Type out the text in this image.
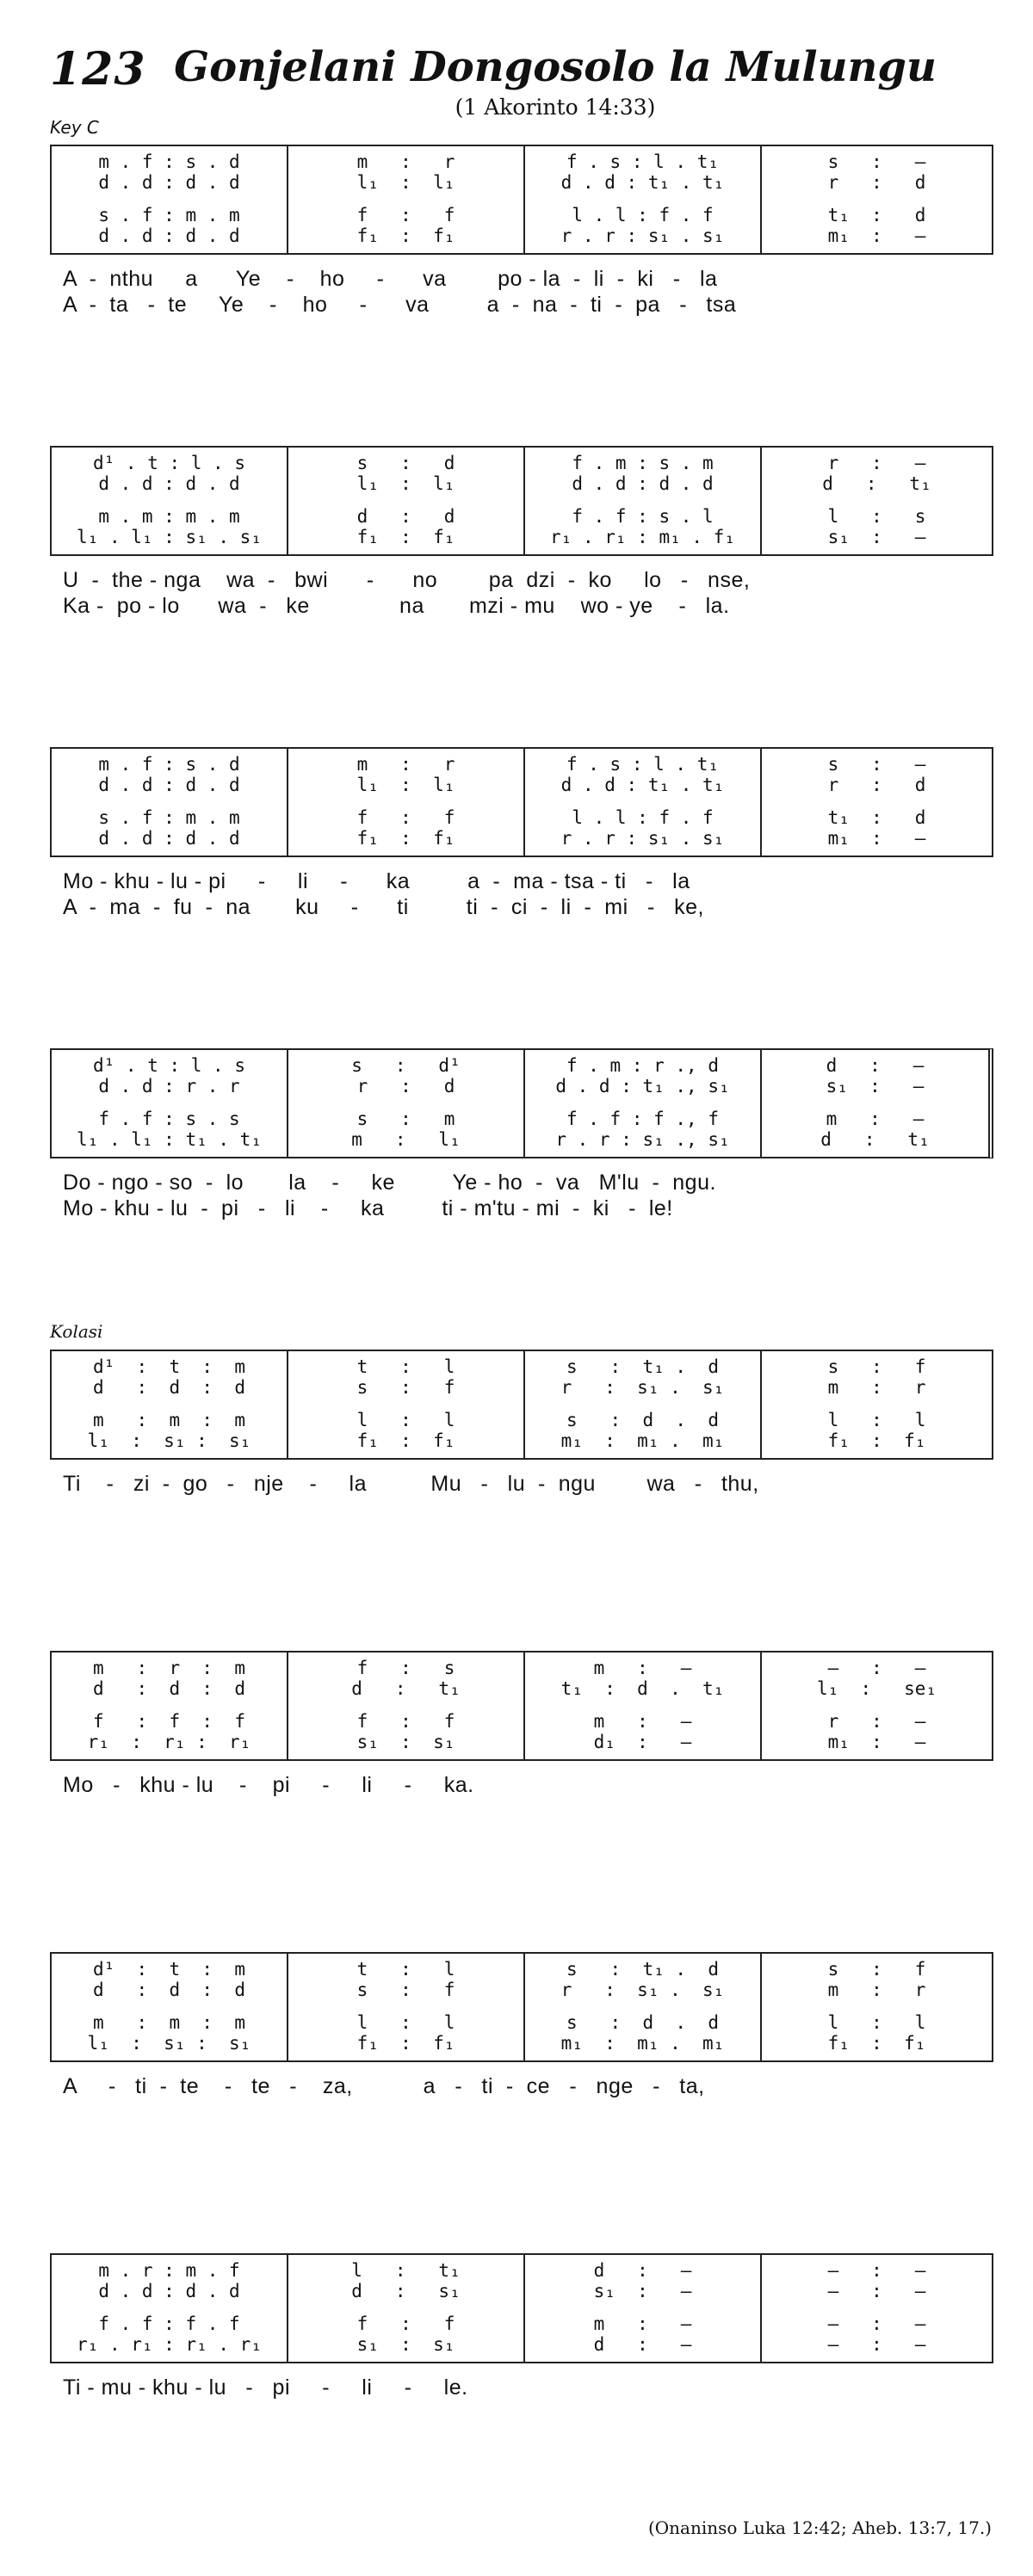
123 Gonjelani Dongosolo la Mulungu
(1 Akorinto 14:33)
Key C
Kolasi
m . f : s . d
d . d : d . d
s . f : m . m
d . d : d . d
m   :   r
l₁  :  l₁
f   :   f
f₁  :  f₁
f . s : l . t₁
d . d : t₁ . t₁
l . l : f . f
r . r : s₁ . s₁
s   :   —
r   :   d
t₁  :   d
m₁  :   —
A  -  nthu     a      Ye    -    ho     -      va        po - la  -  li  -  ki   -   la
A  -  ta   -  te     Ye    -    ho     -      va         a  -  na  -  ti  -  pa   -   tsa
d¹ . t : l . s
d . d : d . d
m . m : m . m
l₁ . l₁ : s₁ . s₁
s   :   d
l₁  :  l₁
d   :   d
f₁  :  f₁
f . m : s . m
d . d : d . d
f . f : s . l
r₁ . r₁ : m₁ . f₁
r   :   —
d   :   t₁
l   :   s
s₁  :   —
U  -  the - nga    wa  -   bwi      -      no        pa  dzi  -  ko     lo   -   nse,
Ka -  po - lo      wa  -   ke              na       mzi - mu    wo - ye    -   la.
m . f : s . d
d . d : d . d
s . f : m . m
d . d : d . d
m   :   r
l₁  :  l₁
f   :   f
f₁  :  f₁
f . s : l . t₁
d . d : t₁ . t₁
l . l : f . f
r . r : s₁ . s₁
s   :   —
r   :   d
t₁  :   d
m₁  :   —
Mo - khu - lu - pi     -     li     -      ka         a  -  ma - tsa - ti   -   la
A  -  ma  -  fu  -  na       ku     -      ti         ti  -  ci  -  li  -  mi   -   ke,
d¹ . t : l . s
d . d : r . r
f . f : s . s
l₁ . l₁ : t₁ . t₁
s   :   d¹
r   :   d
s   :   m
m   :   l₁
f . m : r ., d
d . d : t₁ ., s₁
f . f : f ., f
r . r : s₁ ., s₁
d   :   —
s₁  :   —
m   :   —
d   :   t₁
Do - ngo - so  -  lo       la    -     ke         Ye - ho  -  va   M'lu  -  ngu.
Mo - khu - lu  -  pi   -   li    -     ka         ti - m'tu - mi  -  ki   -  le!
d¹  :  t  :  m
d   :  d  :  d
m   :  m  :  m
l₁  :  s₁ :  s₁
t   :   l
s   :   f
l   :   l
f₁  :  f₁
s   :  t₁ .  d
r   :  s₁ .  s₁
s   :  d  .  d
m₁  :  m₁ .  m₁
s   :   f
m   :   r
l   :   l
f₁  :  f₁
Ti    -   zi  -  go   -   nje    -     la          Mu   -   lu  -  ngu        wa   -   thu,
m   :  r  :  m
d   :  d  :  d
f   :  f  :  f
r₁  :  r₁ :  r₁
f   :   s
d   :   t₁
f   :   f
s₁  :  s₁
m   :   —
t₁  :  d  .  t₁
m   :   —
d₁  :   —
—   :   —
l₁  :   se₁
r   :   —
m₁  :   —
Mo   -   khu - lu    -    pi     -     li     -     ka.
d¹  :  t  :  m
d   :  d  :  d
m   :  m  :  m
l₁  :  s₁ :  s₁
t   :   l
s   :   f
l   :   l
f₁  :  f₁
s   :  t₁ .  d
r   :  s₁ .  s₁
s   :  d  .  d
m₁  :  m₁ .  m₁
s   :   f
m   :   r
l   :   l
f₁  :  f₁
A     -   ti  -  te    -   te   -    za,           a   -   ti  -  ce   -   nge   -   ta,
m . r : m . f
d . d : d . d
f . f : f . f
r₁ . r₁ : r₁ . r₁
l   :   t₁
d   :   s₁
f   :   f
s₁  :  s₁
d   :   —
s₁  :   —
m   :   —
d   :   —
—   :   —
—   :   —
—   :   —
—   :   —
Ti - mu - khu - lu   -   pi     -     li     -     le.
(Onaninso Luka 12:42; Aheb. 13:7, 17.)
